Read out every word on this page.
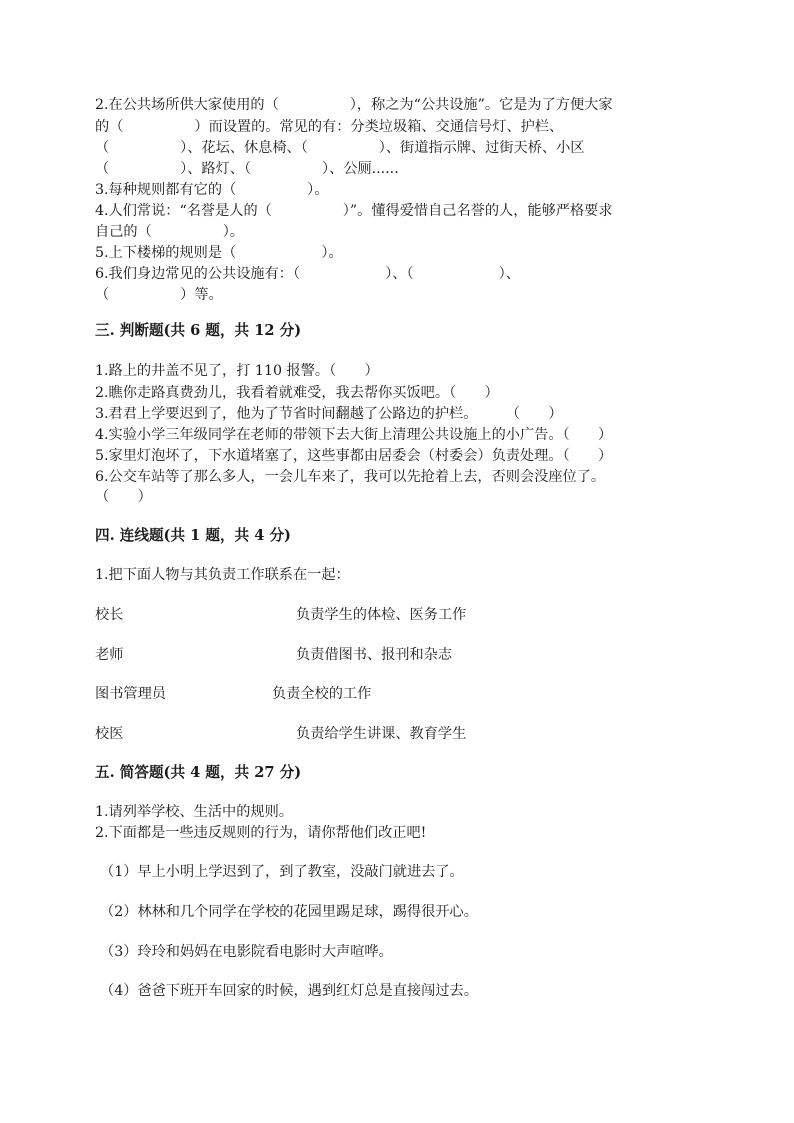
2.在公共场所供大家使用的（　　　　　），称之为“公共设施”。它是为了方便大家
的（　　　　　）而设置的。常见的有：分类垃圾箱、交通信号灯、护栏、
（　　　　　）、花坛、休息椅、（　　　　　）、街道指示牌、过街天桥、小区
（　　　　　）、路灯、（　　　　　）、公厕......
3.每种规则都有它的（　　　　　）。
4.人们常说：“名誉是人的（　　　　　）”。懂得爱惜自己名誉的人，能够严格要求
自己的（　　　　　）。
5.上下楼梯的规则是（　　　　　　）。
6.我们身边常见的公共设施有：（　　　　　　）、（　　　　　　）、
（　　　　　）等。
三. 判断题(共 6 题，共 12 分)
1.路上的井盖不见了，打 110 报警。（　　）
2.瞧你走路真费劲儿，我看着就难受，我去帮你买饭吧。（　　）
3.君君上学要迟到了，他为了节省时间翻越了公路边的护栏。　　　（　　）
4.实验小学三年级同学在老师的带领下去大街上清理公共设施上的小广告。（　　）
5.家里灯泡坏了，下水道堵塞了，这些事都由居委会（村委会）负责处理。（　　）
6.公交车站等了那么多人，一会儿车来了，我可以先抢着上去，否则会没座位了。
（　　）
四. 连线题(共 1 题，共 4 分)
1.把下面人物与其负责工作联系在一起：
校长	负责学生的体检、医务工作
老师	负责借图书、报刊和杂志
图书管理员	负责全校的工作
校医	负责给学生讲课、教育学生
五. 简答题(共 4 题，共 27 分)
1.请列举学校、生活中的规则。
2.下面都是一些违反规则的行为，请你帮他们改正吧!
（1）早上小明上学迟到了，到了教室，没敲门就进去了。
（2）林林和几个同学在学校的花园里踢足球，踢得很开心。
（3）玲玲和妈妈在电影院看电影时大声喧哗。
（4）爸爸下班开车回家的时候，遇到红灯总是直接闯过去。
